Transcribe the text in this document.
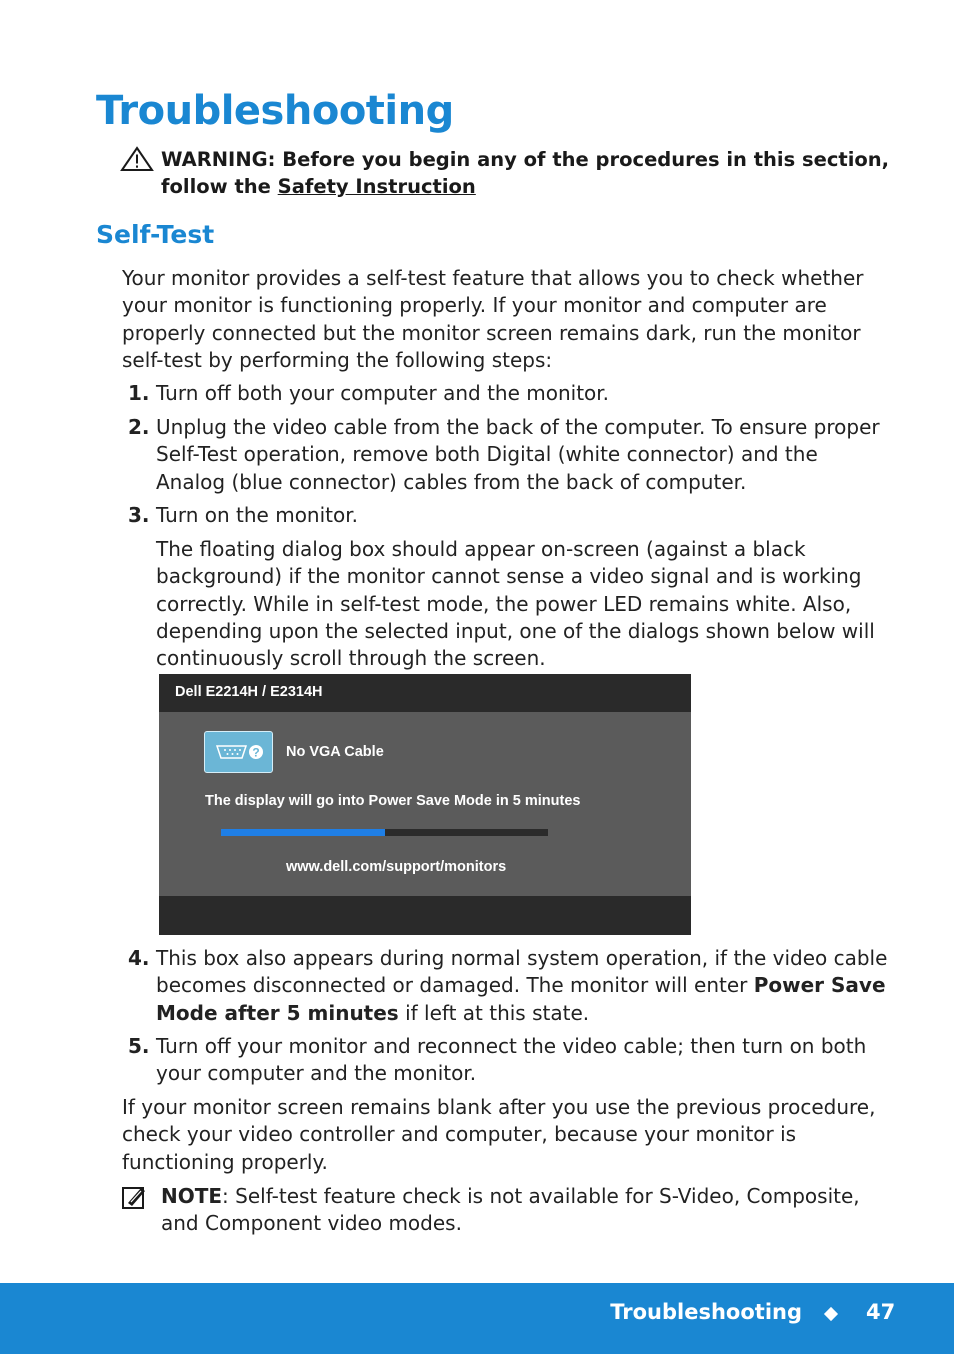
Troubleshooting
WARNING: Before you begin any of the procedures in this section, follow the Safety Instruction
Self-Test
Your monitor provides a self-test feature that allows you to check whether your monitor is functioning properly. If your monitor and computer are properly connected but the monitor screen remains dark, run the monitor self-test by performing the following steps:
1. Turn off both your computer and the monitor.
2. Unplug the video cable from the back of the computer. To ensure proper Self-Test operation, remove both Digital (white connector) and the Analog (blue connector) cables from the back of computer.
3. Turn on the monitor.
The floating dialog box should appear on-screen (against a black background) if the monitor cannot sense a video signal and is working correctly. While in self-test mode, the power LED remains white. Also, depending upon the selected input, one of the dialogs shown below will continuously scroll through the screen.
Dell E2214H / E2314H
? No VGA Cable
The display will go into Power Save Mode in 5 minutes
www.dell.com/support/monitors
4. This box also appears during normal system operation, if the video cable becomes disconnected or damaged. The monitor will enter Power Save Mode after 5 minutes if left at this state.
5. Turn off your monitor and reconnect the video cable; then turn on both your computer and the monitor.
If your monitor screen remains blank after you use the previous procedure, check your video controller and computer, because your monitor is functioning properly.
NOTE: Self-test feature check is not available for S-Video, Composite, and Component video modes.
Troubleshooting	47
